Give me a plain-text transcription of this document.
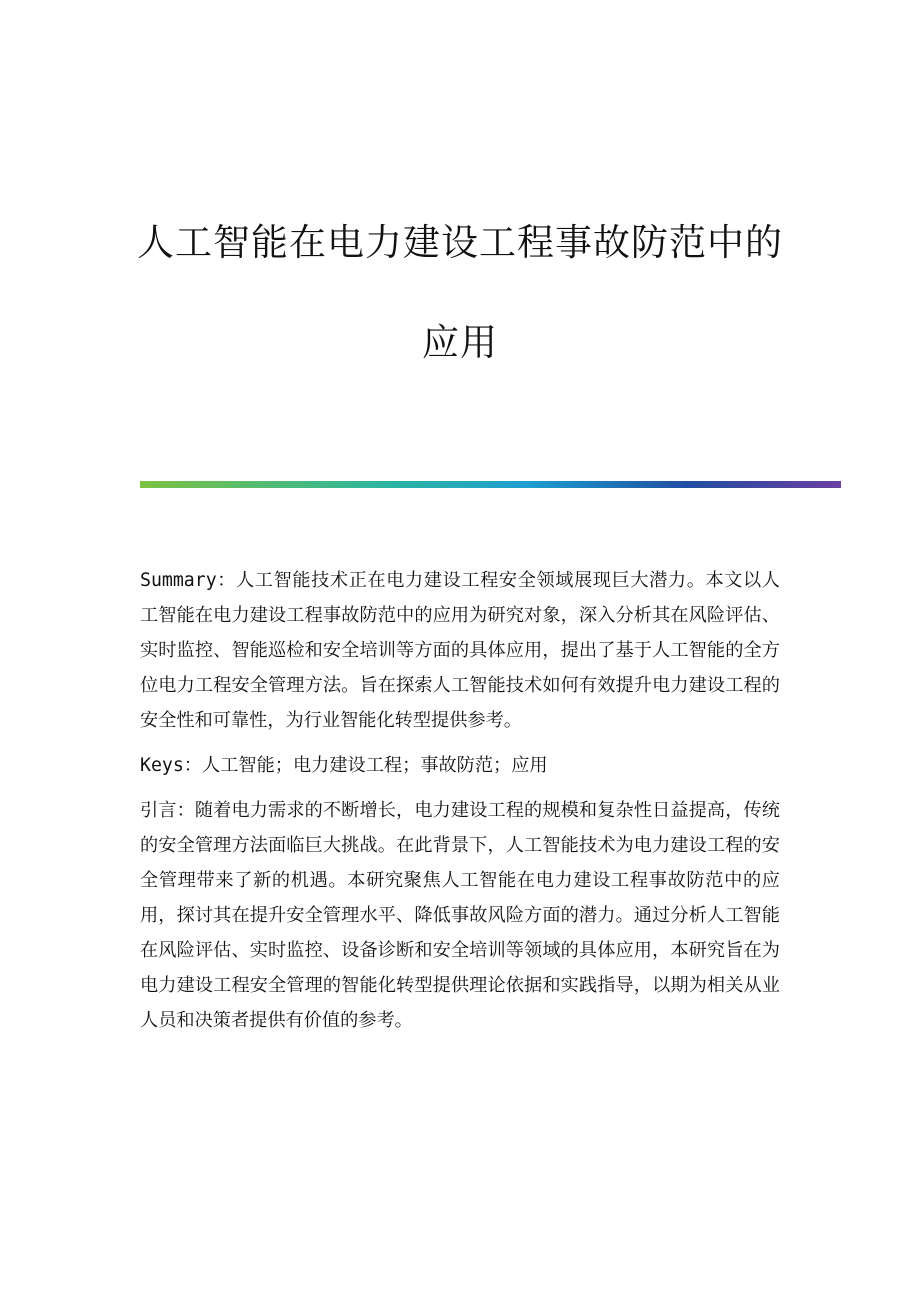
人工智能在电力建设工程事故防范中的
应用

Summary：人工智能技术正在电力建设工程安全领域展现巨大潜力。本文以人工智能在电力建设工程事故防范中的应用为研究对象，深入分析其在风险评估、实时监控、智能巡检和安全培训等方面的具体应用，提出了基于人工智能的全方位电力工程安全管理方法。旨在探索人工智能技术如何有效提升电力建设工程的安全性和可靠性，为行业智能化转型提供参考。

Keys：人工智能；电力建设工程；事故防范；应用

引言：随着电力需求的不断增长，电力建设工程的规模和复杂性日益提高，传统的安全管理方法面临巨大挑战。在此背景下，人工智能技术为电力建设工程的安全管理带来了新的机遇。本研究聚焦人工智能在电力建设工程事故防范中的应用，探讨其在提升安全管理水平、降低事故风险方面的潜力。通过分析人工智能在风险评估、实时监控、设备诊断和安全培训等领域的具体应用，本研究旨在为电力建设工程安全管理的智能化转型提供理论依据和实践指导，以期为相关从业人员和决策者提供有价值的参考。
